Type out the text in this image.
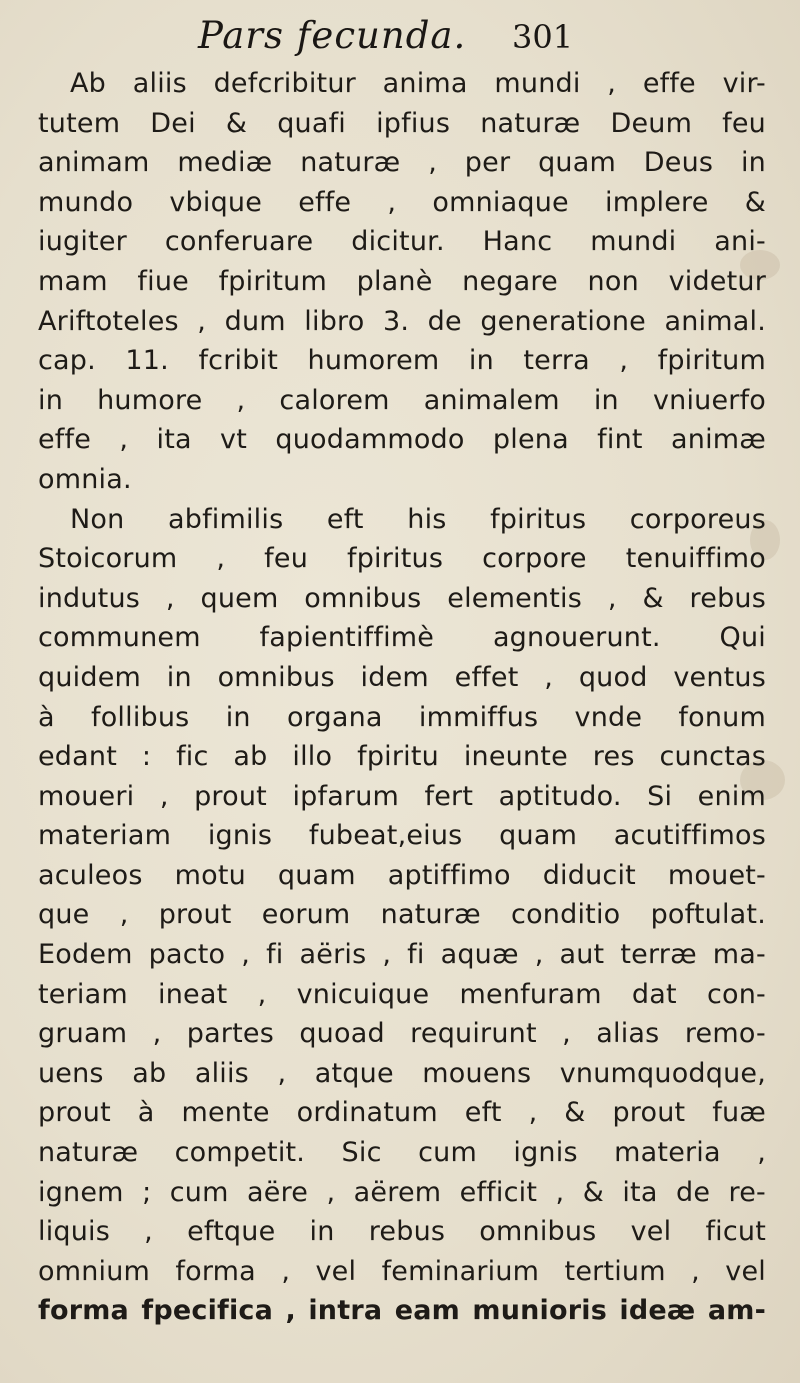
Pars fecunda. 301
Ab aliis defcribitur anima mundi , effe vir-
tutem Dei & quafi ipfius naturæ Deum feu
animam mediæ naturæ , per quam Deus in
mundo vbique effe , omniaque implere &
iugiter conferuare dicitur. Hanc mundi ani-
mam fiue fpiritum planè negare non videtur
Ariftoteles , dum libro 3. de generatione animal.
cap. 11. fcribit humorem in terra , fpiritum
in humore , calorem animalem in vniuerfo
effe , ita vt quodammodo plena fint animæ
omnia.
Non abfimilis eft his fpiritus corporeus
Stoicorum , feu fpiritus corpore tenuiffimo
indutus , quem omnibus elementis , & rebus
communem fapientiffimè agnouerunt. Qui
quidem in omnibus idem effet , quod ventus
à follibus in organa immiffus vnde fonum
edant : fic ab illo fpiritu ineunte res cunctas
moueri , prout ipfarum fert aptitudo. Si enim
materiam ignis fubeat,eius quam acutiffimos
aculeos motu quam aptiffimo diducit mouet-
que , prout eorum naturæ conditio poftulat.
Eodem pacto , fi aëris , fi aquæ , aut terræ ma-
teriam ineat , vnicuique menfuram dat con-
gruam , partes quoad requirunt , alias remo-
uens ab aliis , atque mouens vnumquodque,
prout à mente ordinatum eft , & prout fuæ
naturæ competit. Sic cum ignis materia ,
ignem ; cum aëre , aërem efficit , & ita de re-
liquis , eftque in rebus omnibus vel ficut
omnium forma , vel feminarium tertium , vel
forma fpecifica , intra eam munioris ideæ am-
